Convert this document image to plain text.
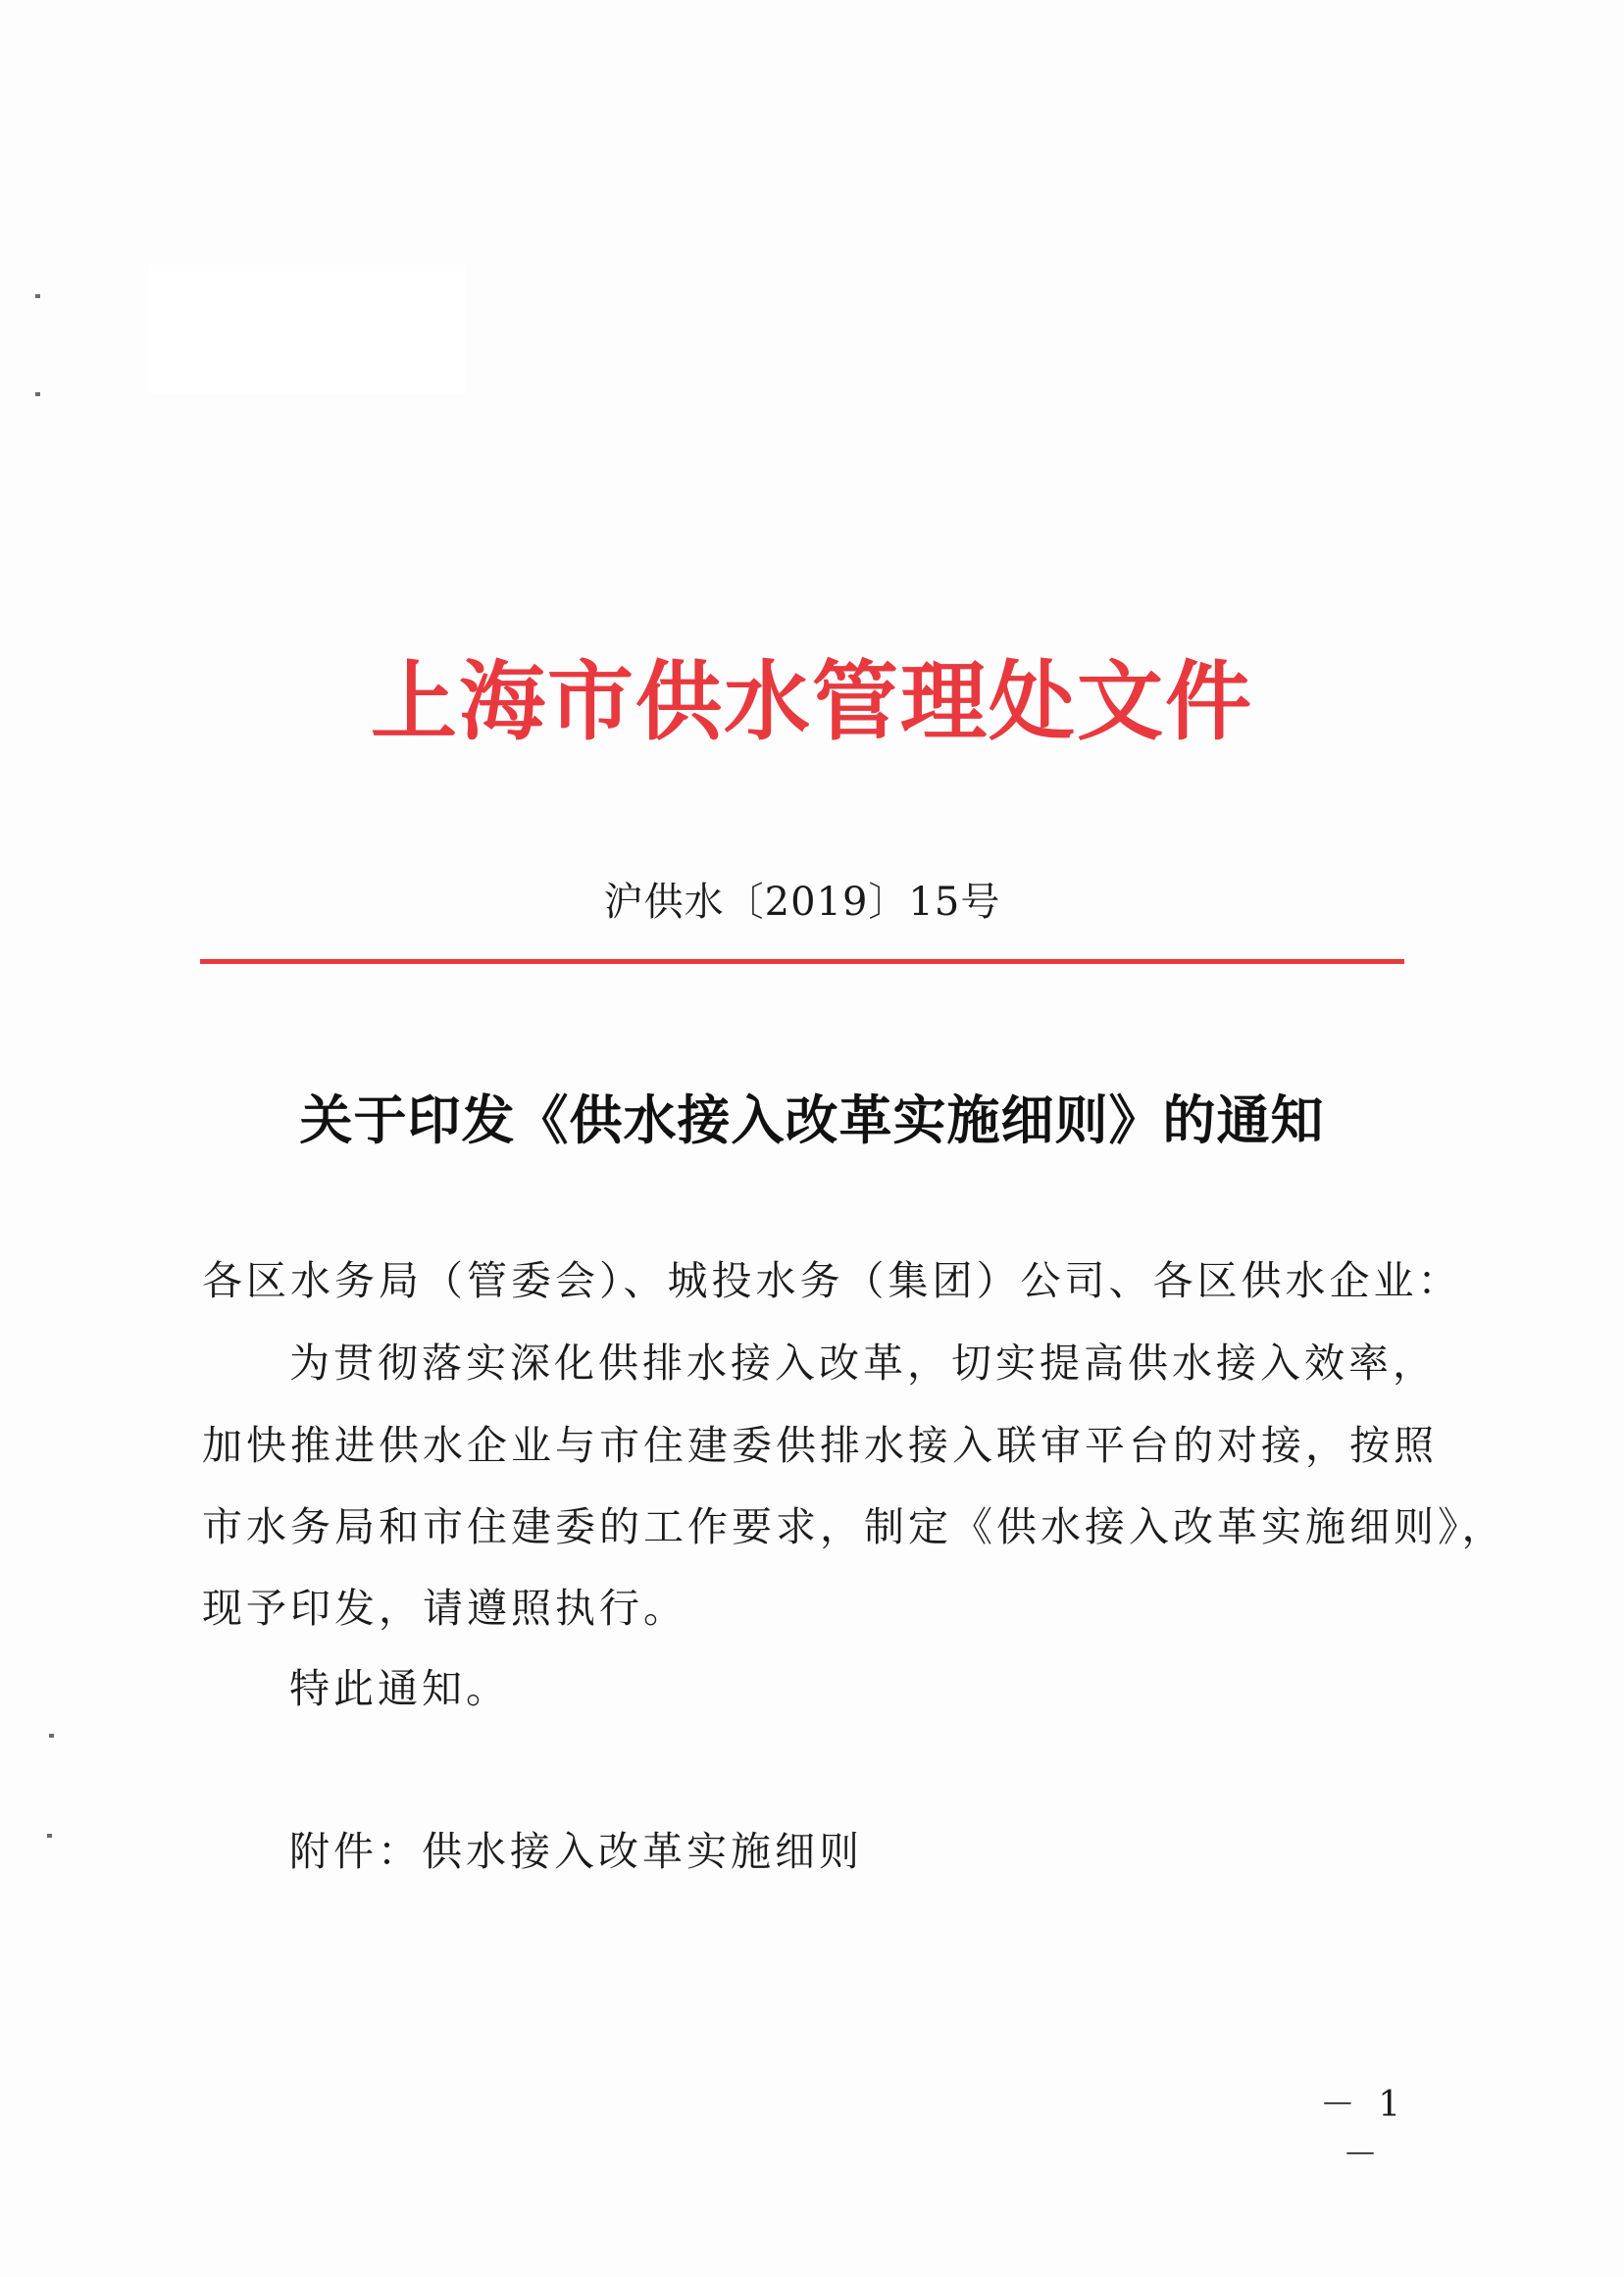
上海市供水管理处文件
沪供水〔2019〕15号
关于印发《供水接入改革实施细则》的通知
各区水务局（管委会）、城投水务（集团）公司、各区供水企业：
为贯彻落实深化供排水接入改革，切实提高供水接入效率，
加快推进供水企业与市住建委供排水接入联审平台的对接，按照
市水务局和市住建委的工作要求，制定《供水接入改革实施细则》，
现予印发，请遵照执行。
特此通知。
附件：供水接入改革实施细则
－ 1 －
